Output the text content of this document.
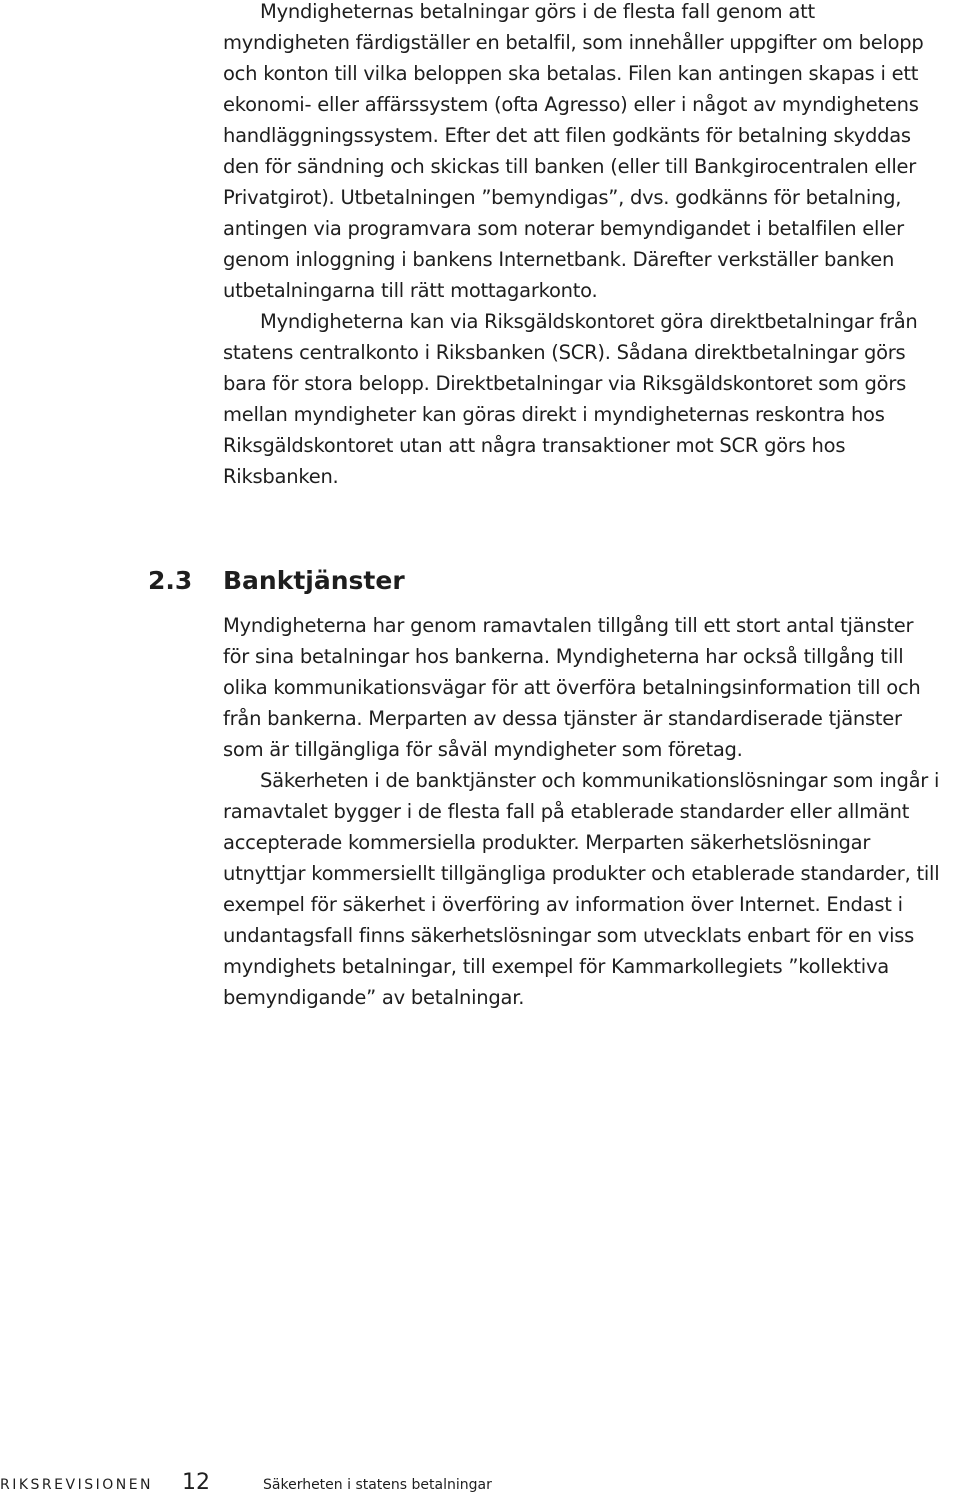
Myndigheternas betalningar görs i de flesta fall genom att myndigheten färdigställer en betalfil, som innehåller uppgifter om belopp och konton till vilka beloppen ska betalas. Filen kan antingen skapas i ett ekonomi- eller affärssystem (ofta Agresso) eller i något av myndighetens handläggningssystem. Efter det att filen godkänts för betalning skyddas den för sändning och skickas till banken (eller till Bankgirocentralen eller Privatgirot). Utbetalningen ”bemyndigas”, dvs. godkänns för betalning, antingen via programvara som noterar bemyndigandet i betalfilen eller genom inloggning i bankens Internetbank. Därefter verkställer banken utbetalningarna till rätt mottagarkonto.

Myndigheterna kan via Riksgäldskontoret göra direktbetalningar från statens centralkonto i Riksbanken (SCR). Sådana direktbetalningar görs bara för stora belopp. Direktbetalningar via Riksgäldskontoret som görs mellan myndigheter kan göras direkt i myndigheternas reskontra hos Riksgäldskontoret utan att några transaktioner mot SCR görs hos Riksbanken.

2.3 Banktjänster

Myndigheterna har genom ramavtalen tillgång till ett stort antal tjänster för sina betalningar hos bankerna. Myndigheterna har också tillgång till olika kommunikationsvägar för att överföra betalningsinformation till och från bankerna. Merparten av dessa tjänster är standardiserade tjänster som är tillgängliga för såväl myndigheter som företag.

Säkerheten i de banktjänster och kommunikationslösningar som ingår i ramavtalet bygger i de flesta fall på etablerade standarder eller allmänt accepterade kommersiella produkter. Merparten säkerhetslösningar utnyttjar kommersiellt tillgängliga produkter och etablerade standarder, till exempel för säkerhet i överföring av information över Internet. Endast i undantagsfall finns säkerhetslösningar som utvecklats enbart för en viss myndighets betalningar, till exempel för Kammarkollegiets ”kollektiva bemyndigande” av betalningar.

RIKSREVISIONEN 12	Säkerheten i statens betalningar
